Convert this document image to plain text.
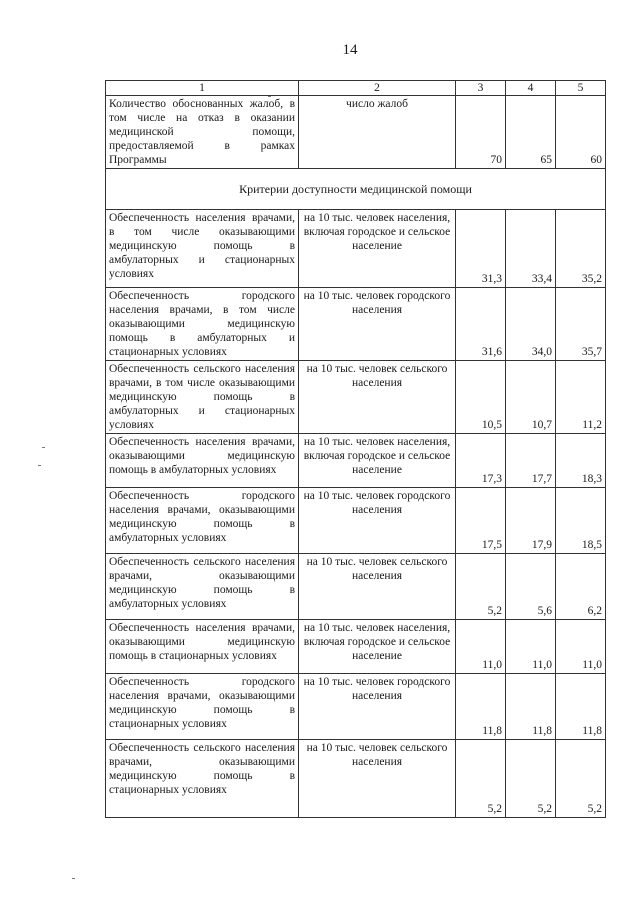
14
1	2	3	4	5
Количество обоснованных жалоб, в том числе на отказ в оказании медицинской помощи, предоставляемой в рамках Программы	число жалоб	70	65	60
Критерии доступности медицинской помощи				
Обеспеченность населения врачами, в том числе оказывающими медицинскую помощь в амбулаторных и стационарных условиях	на 10 тыс. человек населения, включая городское и сельское население	31,3	33,4	35,2
Обеспеченность городского населения врачами, в том числе оказывающими медицинскую помощь в амбулаторных и стационарных условиях	на 10 тыс. человек городского населения	31,6	34,0	35,7
Обеспеченность сельского населения врачами, в том числе оказывающими медицинскую помощь в амбулаторных и стационарных условиях	на 10 тыс. человек сельского населения	10,5	10,7	11,2
Обеспеченность населения врачами, оказывающими медицинскую помощь в амбулаторных условиях	на 10 тыс. человек населения, включая городское и сельское население	17,3	17,7	18,3
Обеспеченность городского населения врачами, оказывающими медицинскую помощь в амбулаторных условиях	на 10 тыс. человек городского населения	17,5	17,9	18,5
Обеспеченность сельского населения врачами, оказывающими медицинскую помощь в амбулаторных условиях	на 10 тыс. человек сельского населения	5,2	5,6	6,2
Обеспеченность населения врачами, оказывающими медицинскую помощь в стационарных условиях	на 10 тыс. человек населения, включая городское и сельское население	11,0	11,0	11,0
Обеспеченность городского населения врачами, оказывающими медицинскую помощь в стационарных условиях	на 10 тыс. человек городского населения	11,8	11,8	11,8
Обеспеченность сельского населения врачами, оказывающими медицинскую помощь в стационарных условиях	на 10 тыс. человек сельского населения	5,2	5,2	5,2
